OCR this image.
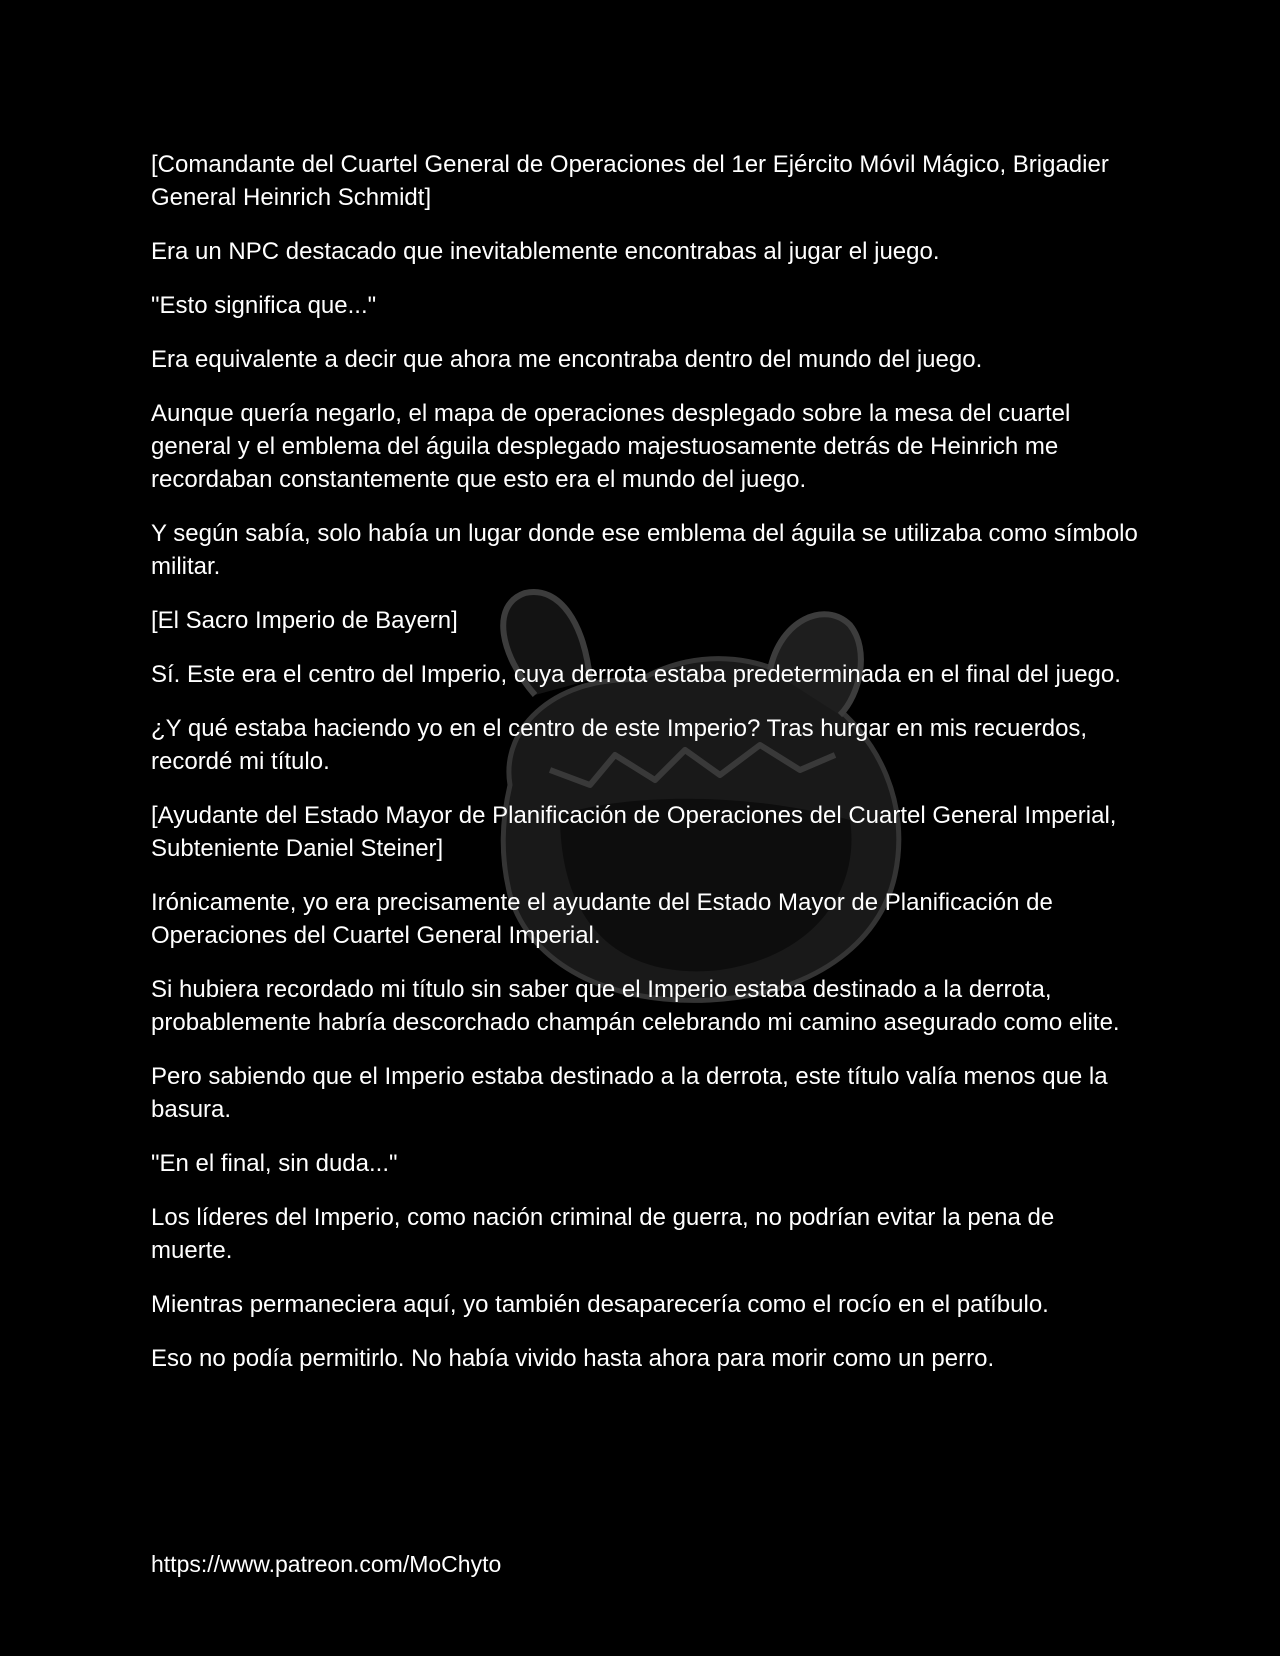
[Comandante del Cuartel General de Operaciones del 1er Ejército Móvil Mágico, Brigadier General Heinrich Schmidt]

Era un NPC destacado que inevitablemente encontrabas al jugar el juego.

"Esto significa que..."

Era equivalente a decir que ahora me encontraba dentro del mundo del juego.

Aunque quería negarlo, el mapa de operaciones desplegado sobre la mesa del cuartel general y el emblema del águila desplegado majestuosamente detrás de Heinrich me recordaban constantemente que esto era el mundo del juego.

Y según sabía, solo había un lugar donde ese emblema del águila se utilizaba como símbolo militar.

[El Sacro Imperio de Bayern]

Sí. Este era el centro del Imperio, cuya derrota estaba predeterminada en el final del juego.

¿Y qué estaba haciendo yo en el centro de este Imperio? Tras hurgar en mis recuerdos, recordé mi título.

[Ayudante del Estado Mayor de Planificación de Operaciones del Cuartel General Imperial, Subteniente Daniel Steiner]

Irónicamente, yo era precisamente el ayudante del Estado Mayor de Planificación de Operaciones del Cuartel General Imperial.

Si hubiera recordado mi título sin saber que el Imperio estaba destinado a la derrota, probablemente habría descorchado champán celebrando mi camino asegurado como elite.

Pero sabiendo que el Imperio estaba destinado a la derrota, este título valía menos que la basura.

"En el final, sin duda..."

Los líderes del Imperio, como nación criminal de guerra, no podrían evitar la pena de muerte.

Mientras permaneciera aquí, yo también desaparecería como el rocío en el patíbulo.

Eso no podía permitirlo. No había vivido hasta ahora para morir como un perro.

https://www.patreon.com/MoChyto
